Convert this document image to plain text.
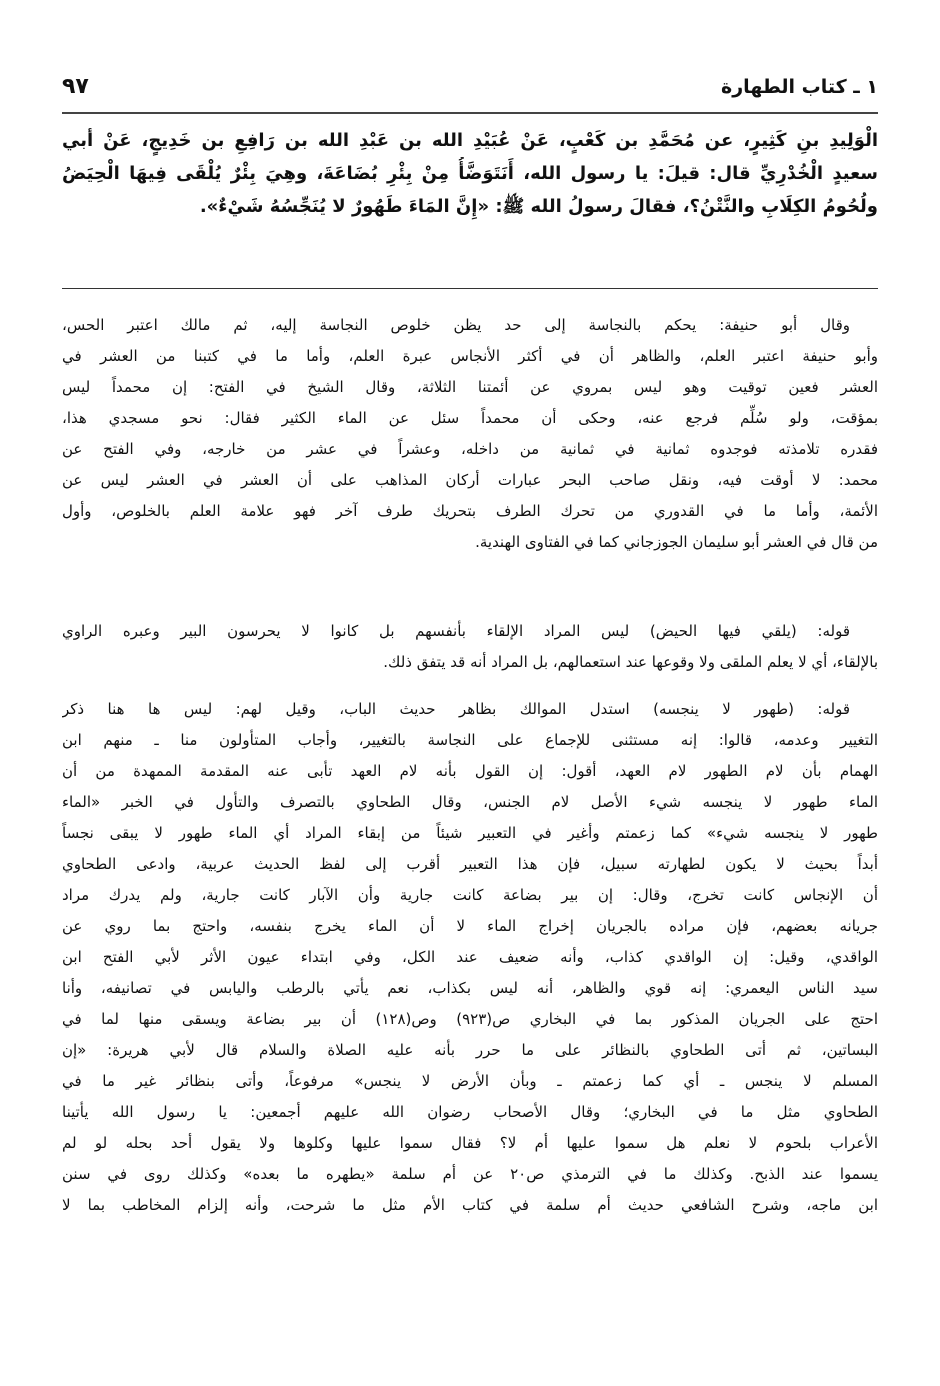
١ ـ كتاب الطهارة
٩٧
الْوَلِيدِ بنِ كَثِيرٍ، عن مُحَمَّدِ بن كَعْبٍ، عَنْ عُبَيْدِ الله بن عَبْدِ الله بن رَافِعِ بن خَدِيجٍ، عَنْ أبي
سعيدٍ الْخُدْرِيِّ قال: قيلَ: يا رسول الله، أَنَتَوَضَّأُ مِنْ بِئْرِ بُضَاعَةَ، وهِيَ بِئْرٌ يُلْقَى فِيهَا الْحِيَضُ
ولُحُومُ الكِلَابِ والنَّتْنُ؟، فقالَ رسولُ الله ﷺ: «إِنَّ المَاءَ طَهُورٌ لا يُنَجِّسُهُ شَيْءٌ».
وقال أبو حنيفة: يحكم بالنجاسة إلى حد يظن خلوص النجاسة إليه، ثم مالك اعتبر الحس،
وأبو حنيفة اعتبر العلم، والظاهر أن في أكثر الأنجاس عبرة العلم، وأما ما في كتبنا من العشر في
العشر فعين توقيت وهو ليس بمروي عن أئمتنا الثلاثة، وقال الشيخ في الفتح: إن محمداً ليس
بمؤقت، ولو سُلِّم فرجع عنه، وحكى أن محمداً سئل عن الماء الكثير فقال: نحو مسجدي هذا،
فقدره تلامذته فوجدوه ثمانية في ثمانية من داخله، وعشراً في عشر من خارجه، وفي الفتح عن
محمد: لا أوقت فيه، ونقل صاحب البحر عبارات أركان المذاهب على أن العشر في العشر ليس عن
الأئمة، وأما ما في القدوري من تحرك الطرف بتحريك طرف آخر فهو علامة العلم بالخلوص، وأول
من قال في العشر أبو سليمان الجوزجاني كما في الفتاوى الهندية.
قوله: (يلقي فيها الحيض) ليس المراد الإلقاء بأنفسهم بل كانوا لا يحرسون البير وعبره الراوي
بالإلقاء، أي لا يعلم الملقى ولا وقوعها عند استعمالهم، بل المراد أنه قد يتفق ذلك.
قوله: (طهور لا ينجسه) استدل الموالك بظاهر حديث الباب، وقيل لهم: ليس ها هنا ذكر
التغيير وعدمه، قالوا: إنه مستثنى للإجماع على النجاسة بالتغيير، وأجاب المتأولون منا ـ منهم ابن
الهمام بأن لام الطهور لام العهد، أقول: إن القول بأنه لام العهد تأبى عنه المقدمة الممهدة من أن
الماء طهور لا ينجسه شيء الأصل لام الجنس، وقال الطحاوي بالتصرف والتأول في الخبر «الماء
طهور لا ينجسه شيء» كما زعمتم وأغير في التعبير شيئاً من إبقاء المراد أي الماء طهور لا يبقى نجساً
أبداً بحيث لا يكون لطهارته سبيل، فإن هذا التعبير أقرب إلى لفظ الحديث عربية، وادعى الطحاوي
أن الإنجاس كانت تخرج، وقال: إن بير بضاعة كانت جارية وأن الآبار كانت جارية، ولم يدرك مراد
جريانه بعضهم، فإن مراده بالجريان إخراج الماء لا أن الماء يخرج بنفسه، واحتج بما روي عن
الواقدي، وقيل: إن الواقدي كذاب، وأنه ضعيف عند الكل، وفي ابتداء عيون الأثر لأبي الفتح ابن
سيد الناس اليعمري: إنه قوي والظاهر، أنه ليس بكذاب، نعم يأتي بالرطب واليابس في تصانيفه، وأنا
احتج على الجريان المذكور بما في البخاري ص(٩٢٣) وص(١٢٨) أن بير بضاعة ويسقى منها لما في
البساتين، ثم أتى الطحاوي بالنظائر على ما حرر بأنه عليه الصلاة والسلام قال لأبي هريرة: «إن
المسلم لا ينجس ـ أي كما زعمتم ـ وبأن الأرض لا ينجس» مرفوعاً، وأتى بنظائر غير ما في
الطحاوي مثل ما في البخاري؛ وقال الأصحاب رضوان الله عليهم أجمعين: يا رسول الله يأتينا
الأعراب بلحوم لا نعلم هل سموا عليها أم لا؟ فقال سموا عليها وكلوها ولا يقول أحد بحله لو لم
يسموا عند الذبح. وكذلك ما في الترمذي ص٢٠ عن أم سلمة «يطهره ما بعده» وكذلك روى في سنن
ابن ماجه، وشرح الشافعي حديث أم سلمة في كتاب الأم مثل ما شرحت، وأنه إلزام المخاطب بما لا
